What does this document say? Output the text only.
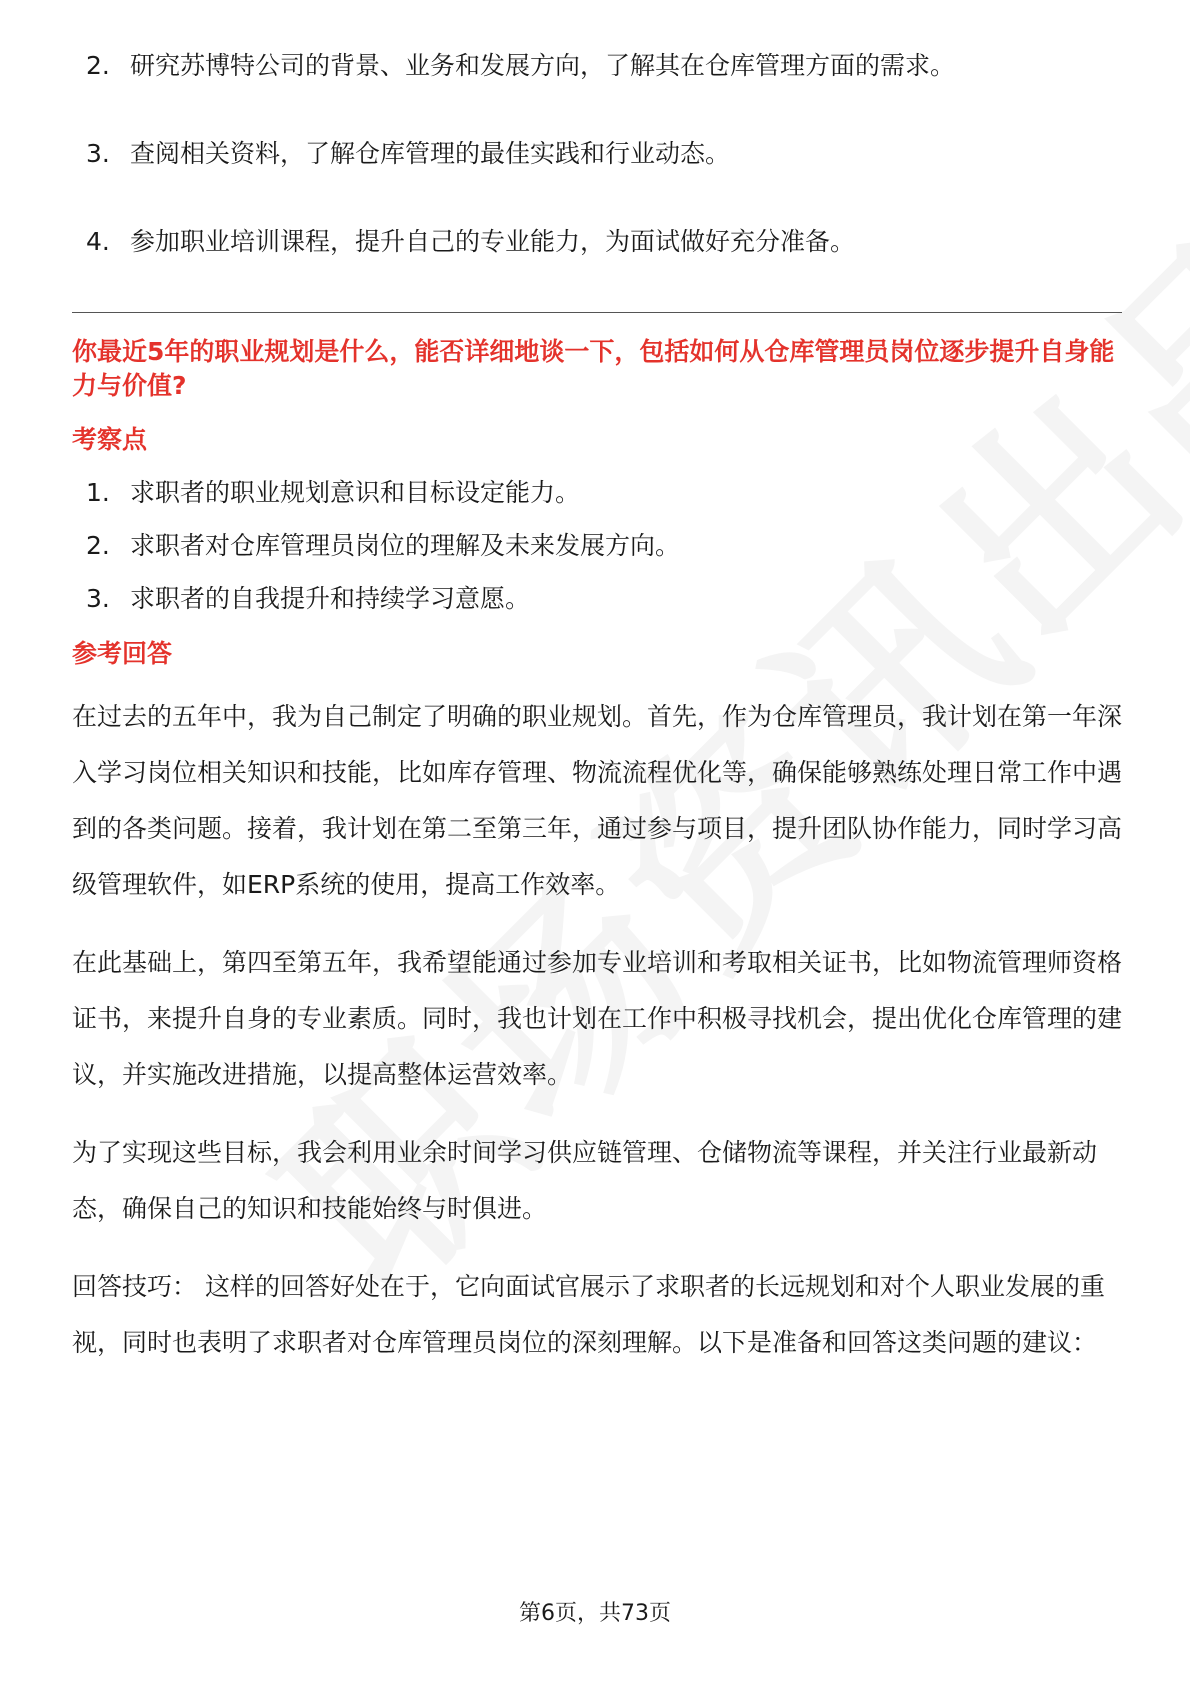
2. 研究苏博特公司的背景、业务和发展方向，了解其在仓库管理方面的需求。
3. 查阅相关资料，了解仓库管理的最佳实践和行业动态。
4. 参加职业培训课程，提升自己的专业能力，为面试做好充分准备。

你最近5年的职业规划是什么，能否详细地谈一下，包括如何从仓库管理员岗位逐步提升自身能力与价值?

考察点
1. 求职者的职业规划意识和目标设定能力。
2. 求职者对仓库管理员岗位的理解及未来发展方向。
3. 求职者的自我提升和持续学习意愿。
参考回答

在过去的五年中，我为自己制定了明确的职业规划。首先，作为仓库管理员，我计划在第一年深入学习岗位相关知识和技能，比如库存管理、物流流程优化等，确保能够熟练处理日常工作中遇到的各类问题。接着，我计划在第二至第三年，通过参与项目，提升团队协作能力，同时学习高级管理软件，如ERP系统的使用，提高工作效率。

在此基础上，第四至第五年，我希望能通过参加专业培训和考取相关证书，比如物流管理师资格证书，来提升自身的专业素质。同时，我也计划在工作中积极寻找机会，提出优化仓库管理的建议，并实施改进措施，以提高整体运营效率。

为了实现这些目标，我会利用业余时间学习供应链管理、仓储物流等课程，并关注行业最新动态，确保自己的知识和技能始终与时俱进。

回答技巧： 这样的回答好处在于，它向面试官展示了求职者的长远规划和对个人职业发展的重视，同时也表明了求职者对仓库管理员岗位的深刻理解。以下是准备和回答这类问题的建议：

第6页，共73页
